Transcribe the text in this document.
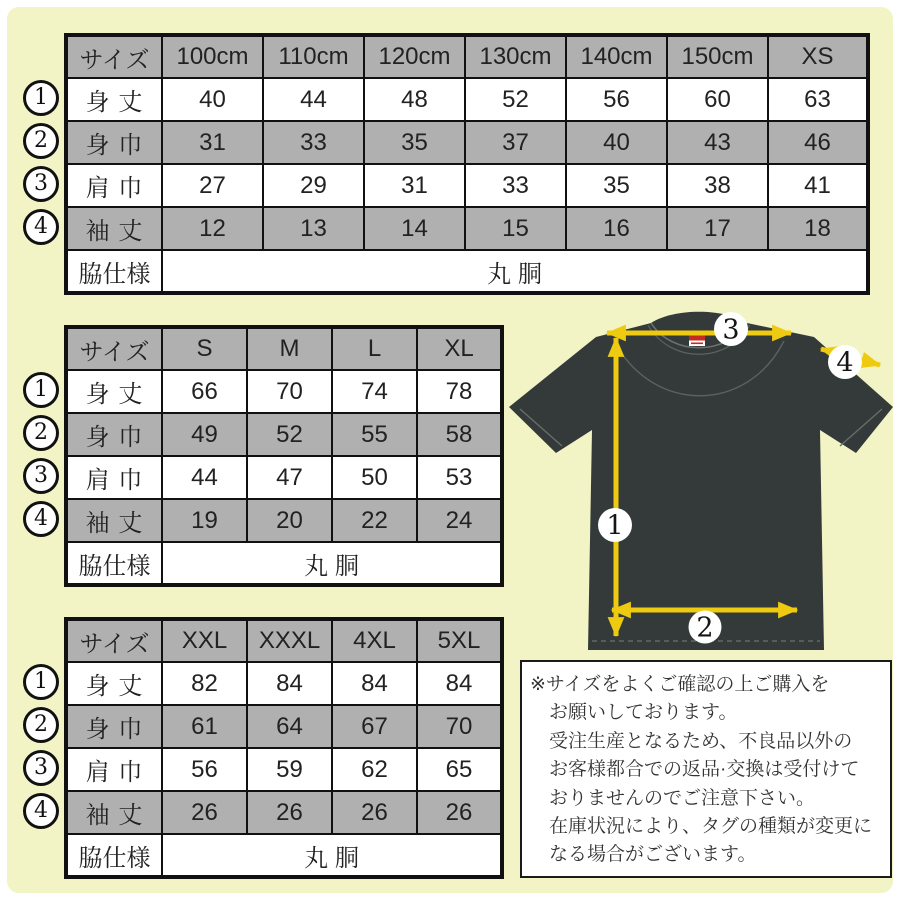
1
2
3
4
サイズ	100cm	110cm	120cm	130cm	140cm	150cm	XS
身 丈	40	44	48	52	56	60	63
身 巾	31	33	35	37	40	43	46
肩 巾	27	29	31	33	35	38	41
袖 丈	12	13	14	15	16	17	18
脇仕様	丸 胴						
1
2
3
4
サイズ	S	M	L	XL
身 丈	66	70	74	78
身 巾	49	52	55	58
肩 巾	44	47	50	53
袖 丈	19	20	22	24
脇仕様	丸 胴			
1
2
3
4
サイズ	XXL	XXXL	4XL	5XL
身 丈	82	84	84	84
身 巾	61	64	67	70
肩 巾	56	59	62	65
袖 丈	26	26	26	26
脇仕様	丸 胴			
1
2
3
4
※サイズをよくご確認の上ご購入を
お願いしております。
受注生産となるため、不良品以外の
お客様都合での返品·交換は受付けて
おりませんのでご注意下さい。
在庫状況により、タグの種類が変更に
なる場合がございます。
